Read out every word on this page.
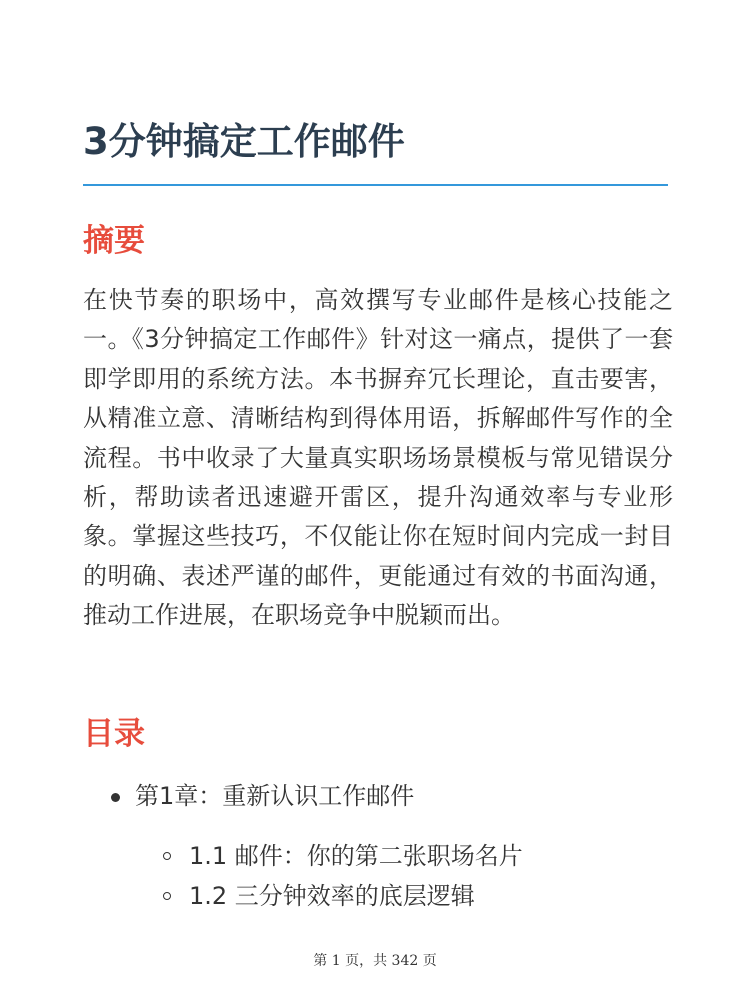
3分钟搞定工作邮件
摘要

在快节奏的职场中，高效撰写专业邮件是核心技能之一。《3分钟搞定工作邮件》针对这一痛点，提供了一套即学即用的系统方法。本书摒弃冗长理论，直击要害，从精准立意、清晰结构到得体用语，拆解邮件写作的全流程。书中收录了大量真实职场场景模板与常见错误分析，帮助读者迅速避开雷区，提升沟通效率与专业形象。掌握这些技巧，不仅能让你在短时间内完成一封目的明确、表述严谨的邮件，更能通过有效的书面沟通，推动工作进展，在职场竞争中脱颖而出。

目录
第1章：重新认识工作邮件
1.1 邮件：你的第二张职场名片
1.2 三分钟效率的底层逻辑
第 1 页，共 342 页
